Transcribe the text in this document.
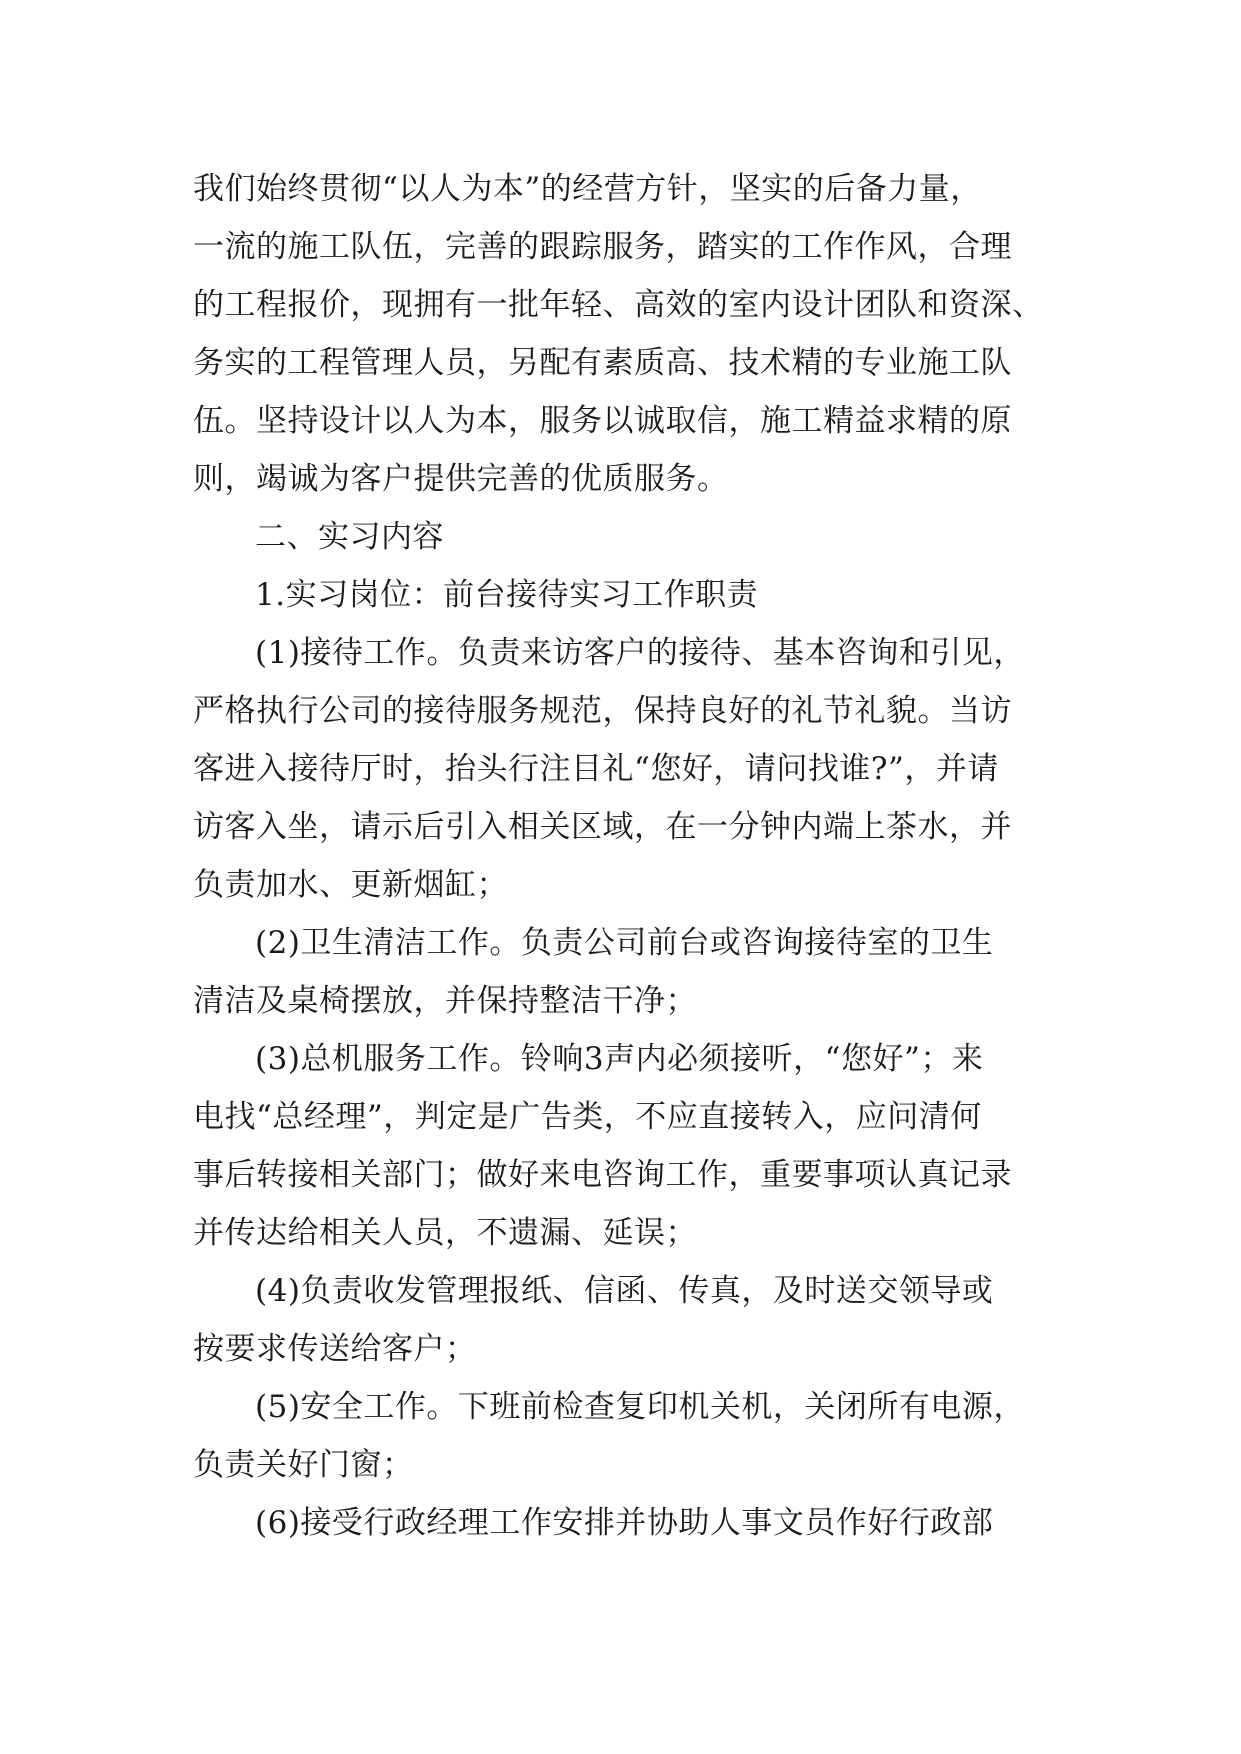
我们始终贯彻“以人为本”的经营方针，坚实的后备力量，
一流的施工队伍，完善的跟踪服务，踏实的工作作风，合理
的工程报价，现拥有一批年轻、高效的室内设计团队和资深、
务实的工程管理人员，另配有素质高、技术精的专业施工队
伍。坚持设计以人为本，服务以诚取信，施工精益求精的原
则，竭诚为客户提供完善的优质服务。
二、实习内容
1.实习岗位：前台接待实习工作职责
(1)接待工作。负责来访客户的接待、基本咨询和引见，
严格执行公司的接待服务规范，保持良好的礼节礼貌。当访
客进入接待厅时，抬头行注目礼“您好，请问找谁?”，并请
访客入坐，请示后引入相关区域，在一分钟内端上茶水，并
负责加水、更新烟缸；
(2)卫生清洁工作。负责公司前台或咨询接待室的卫生
清洁及桌椅摆放，并保持整洁干净；
(3)总机服务工作。铃响3声内必须接听，“您好”；来
电找“总经理”，判定是广告类，不应直接转入，应问清何
事后转接相关部门；做好来电咨询工作，重要事项认真记录
并传达给相关人员，不遗漏、延误；
(4)负责收发管理报纸、信函、传真，及时送交领导或
按要求传送给客户；
(5)安全工作。下班前检查复印机关机，关闭所有电源，
负责关好门窗；
(6)接受行政经理工作安排并协助人事文员作好行政部
